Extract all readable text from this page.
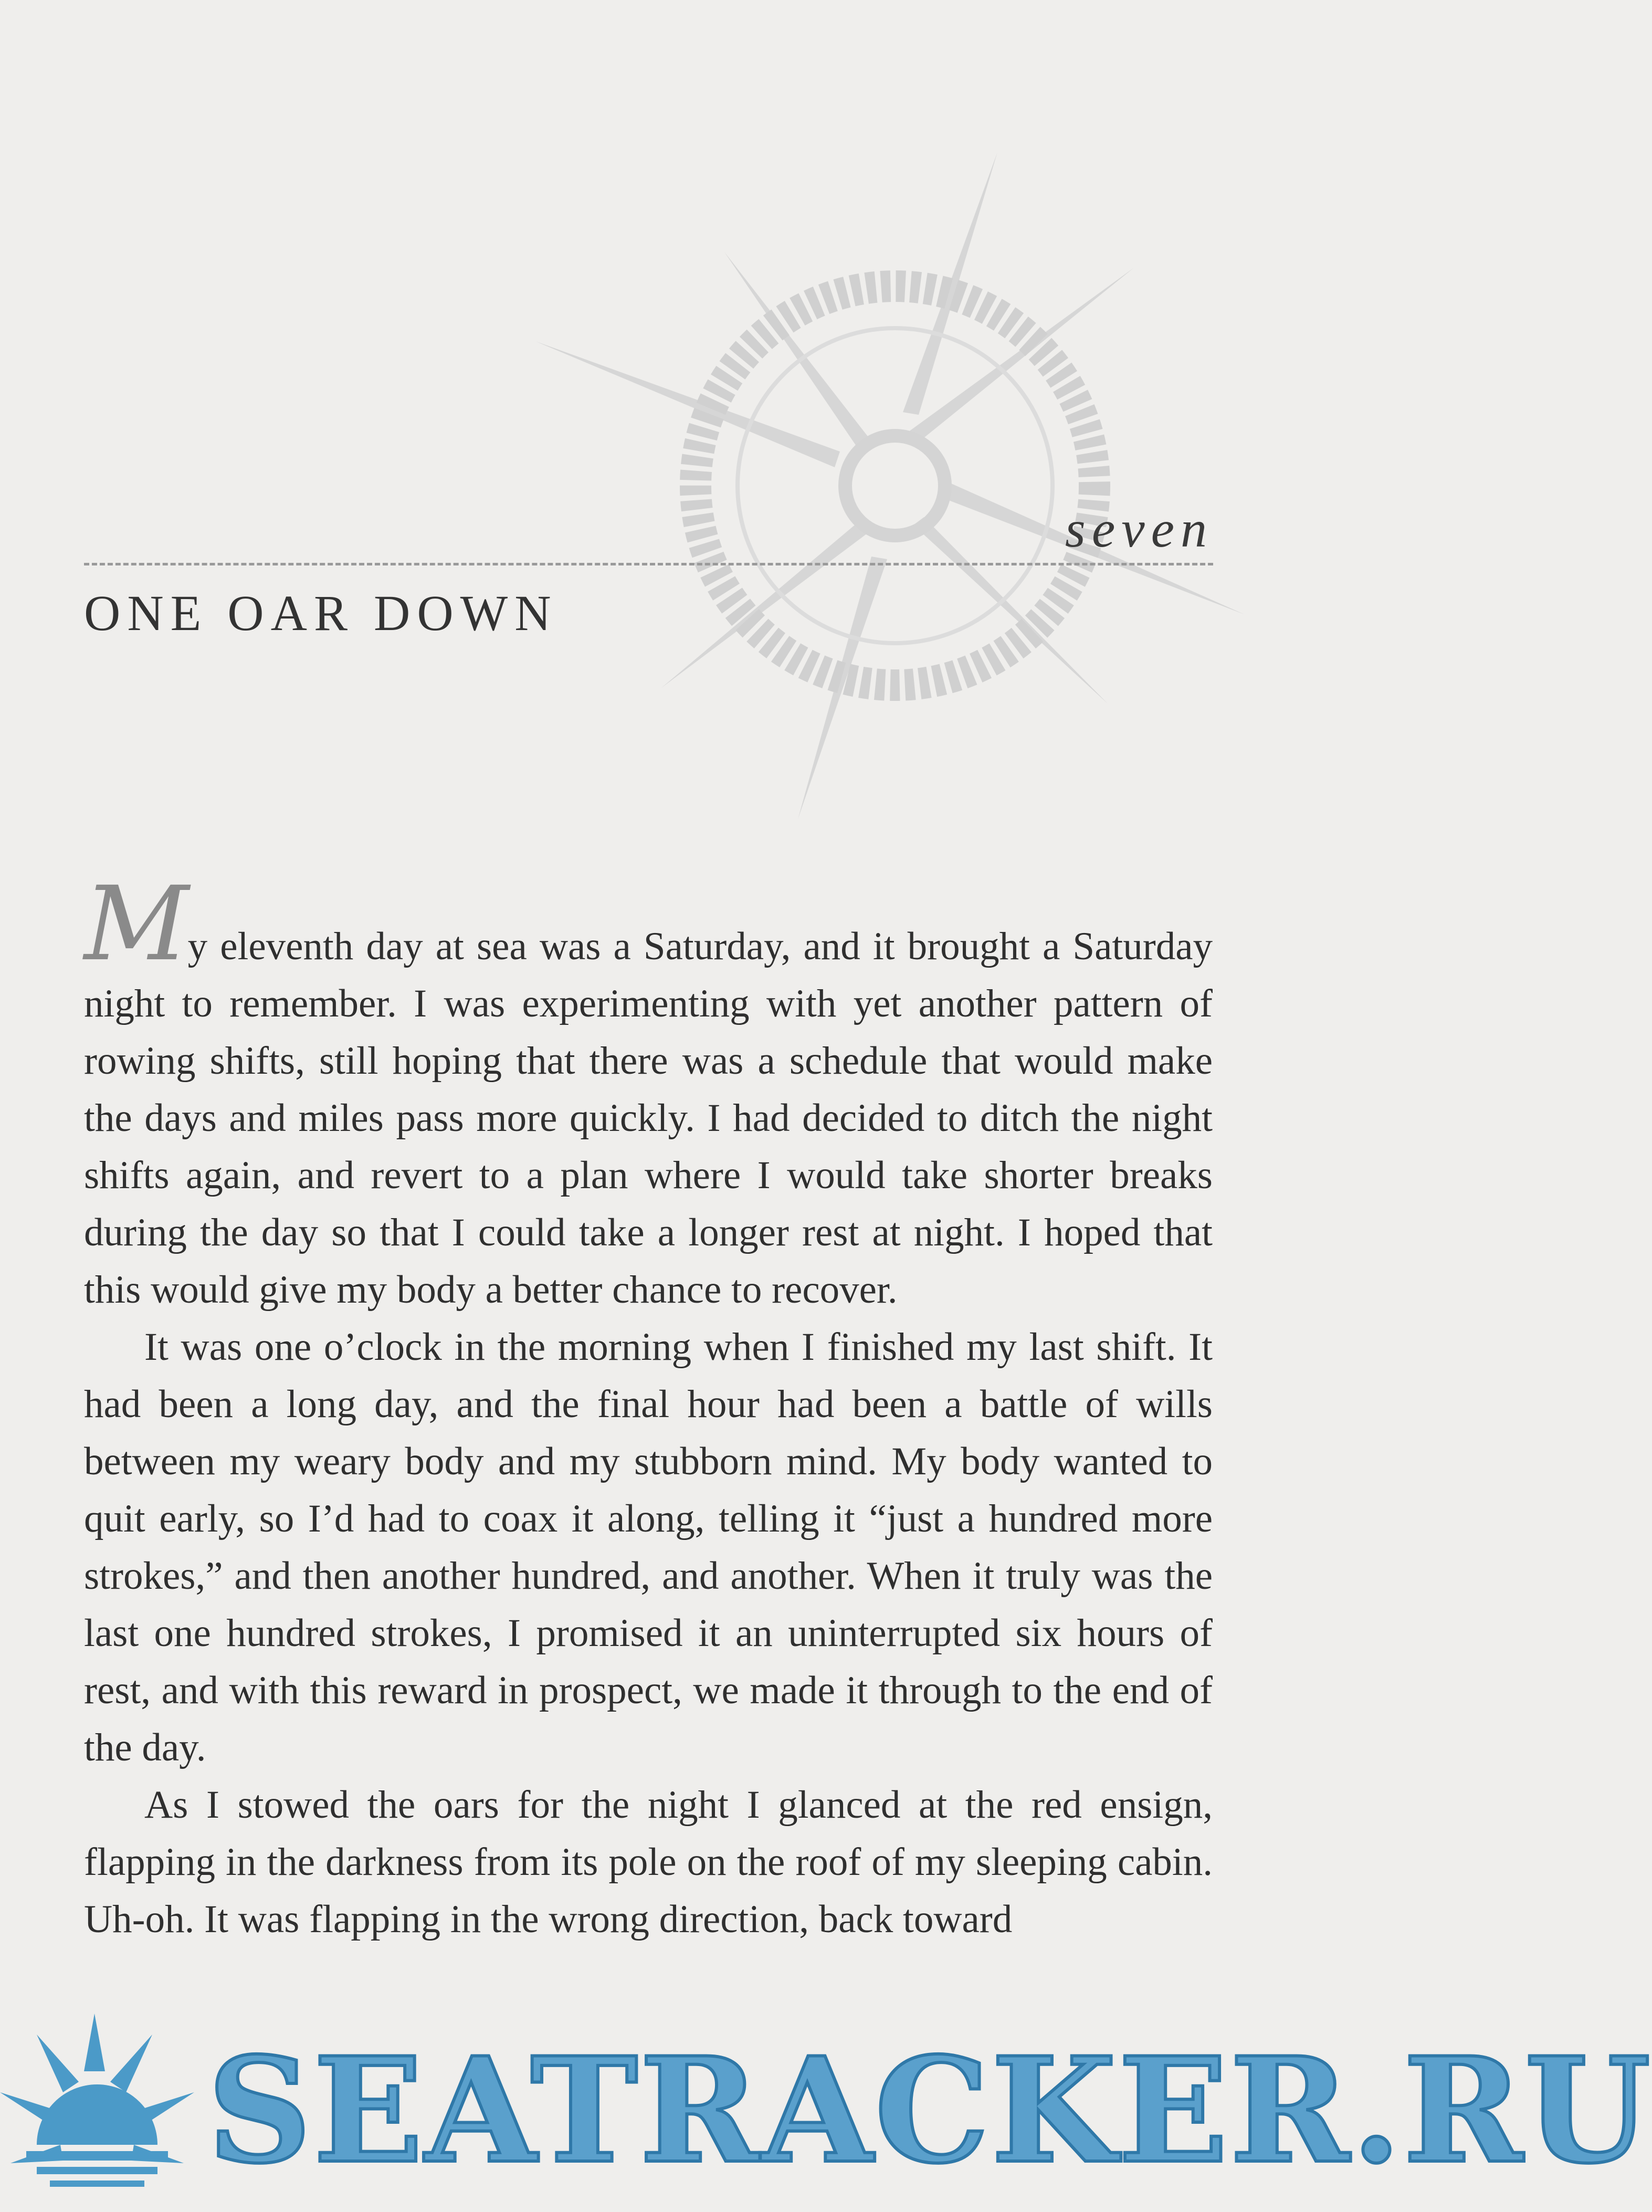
seven
ONE OAR DOWN

My eleventh day at sea was a Saturday, and it brought a Saturday night to remember. I was experimenting with yet another pattern of rowing shifts, still hoping that there was a schedule that would make the days and miles pass more quickly. I had decided to ditch the night shifts again, and revert to a plan where I would take shorter breaks during the day so that I could take a longer rest at night. I hoped that this would give my body a better chance to recover.

It was one o’clock in the morning when I finished my last shift. It had been a long day, and the final hour had been a battle of wills between my weary body and my stubborn mind. My body wanted to quit early, so I’d had to coax it along, telling it “just a hundred more strokes,” and then another hundred, and another. When it truly was the last one hundred strokes, I promised it an uninterrupted six hours of rest, and with this reward in prospect, we made it through to the end of the day.

As I stowed the oars for the night I glanced at the red ensign, flapping in the darkness from its pole on the roof of my sleeping cabin. Uh-oh. It was flapping in the wrong direction, back toward

SEATRACKER.RU
